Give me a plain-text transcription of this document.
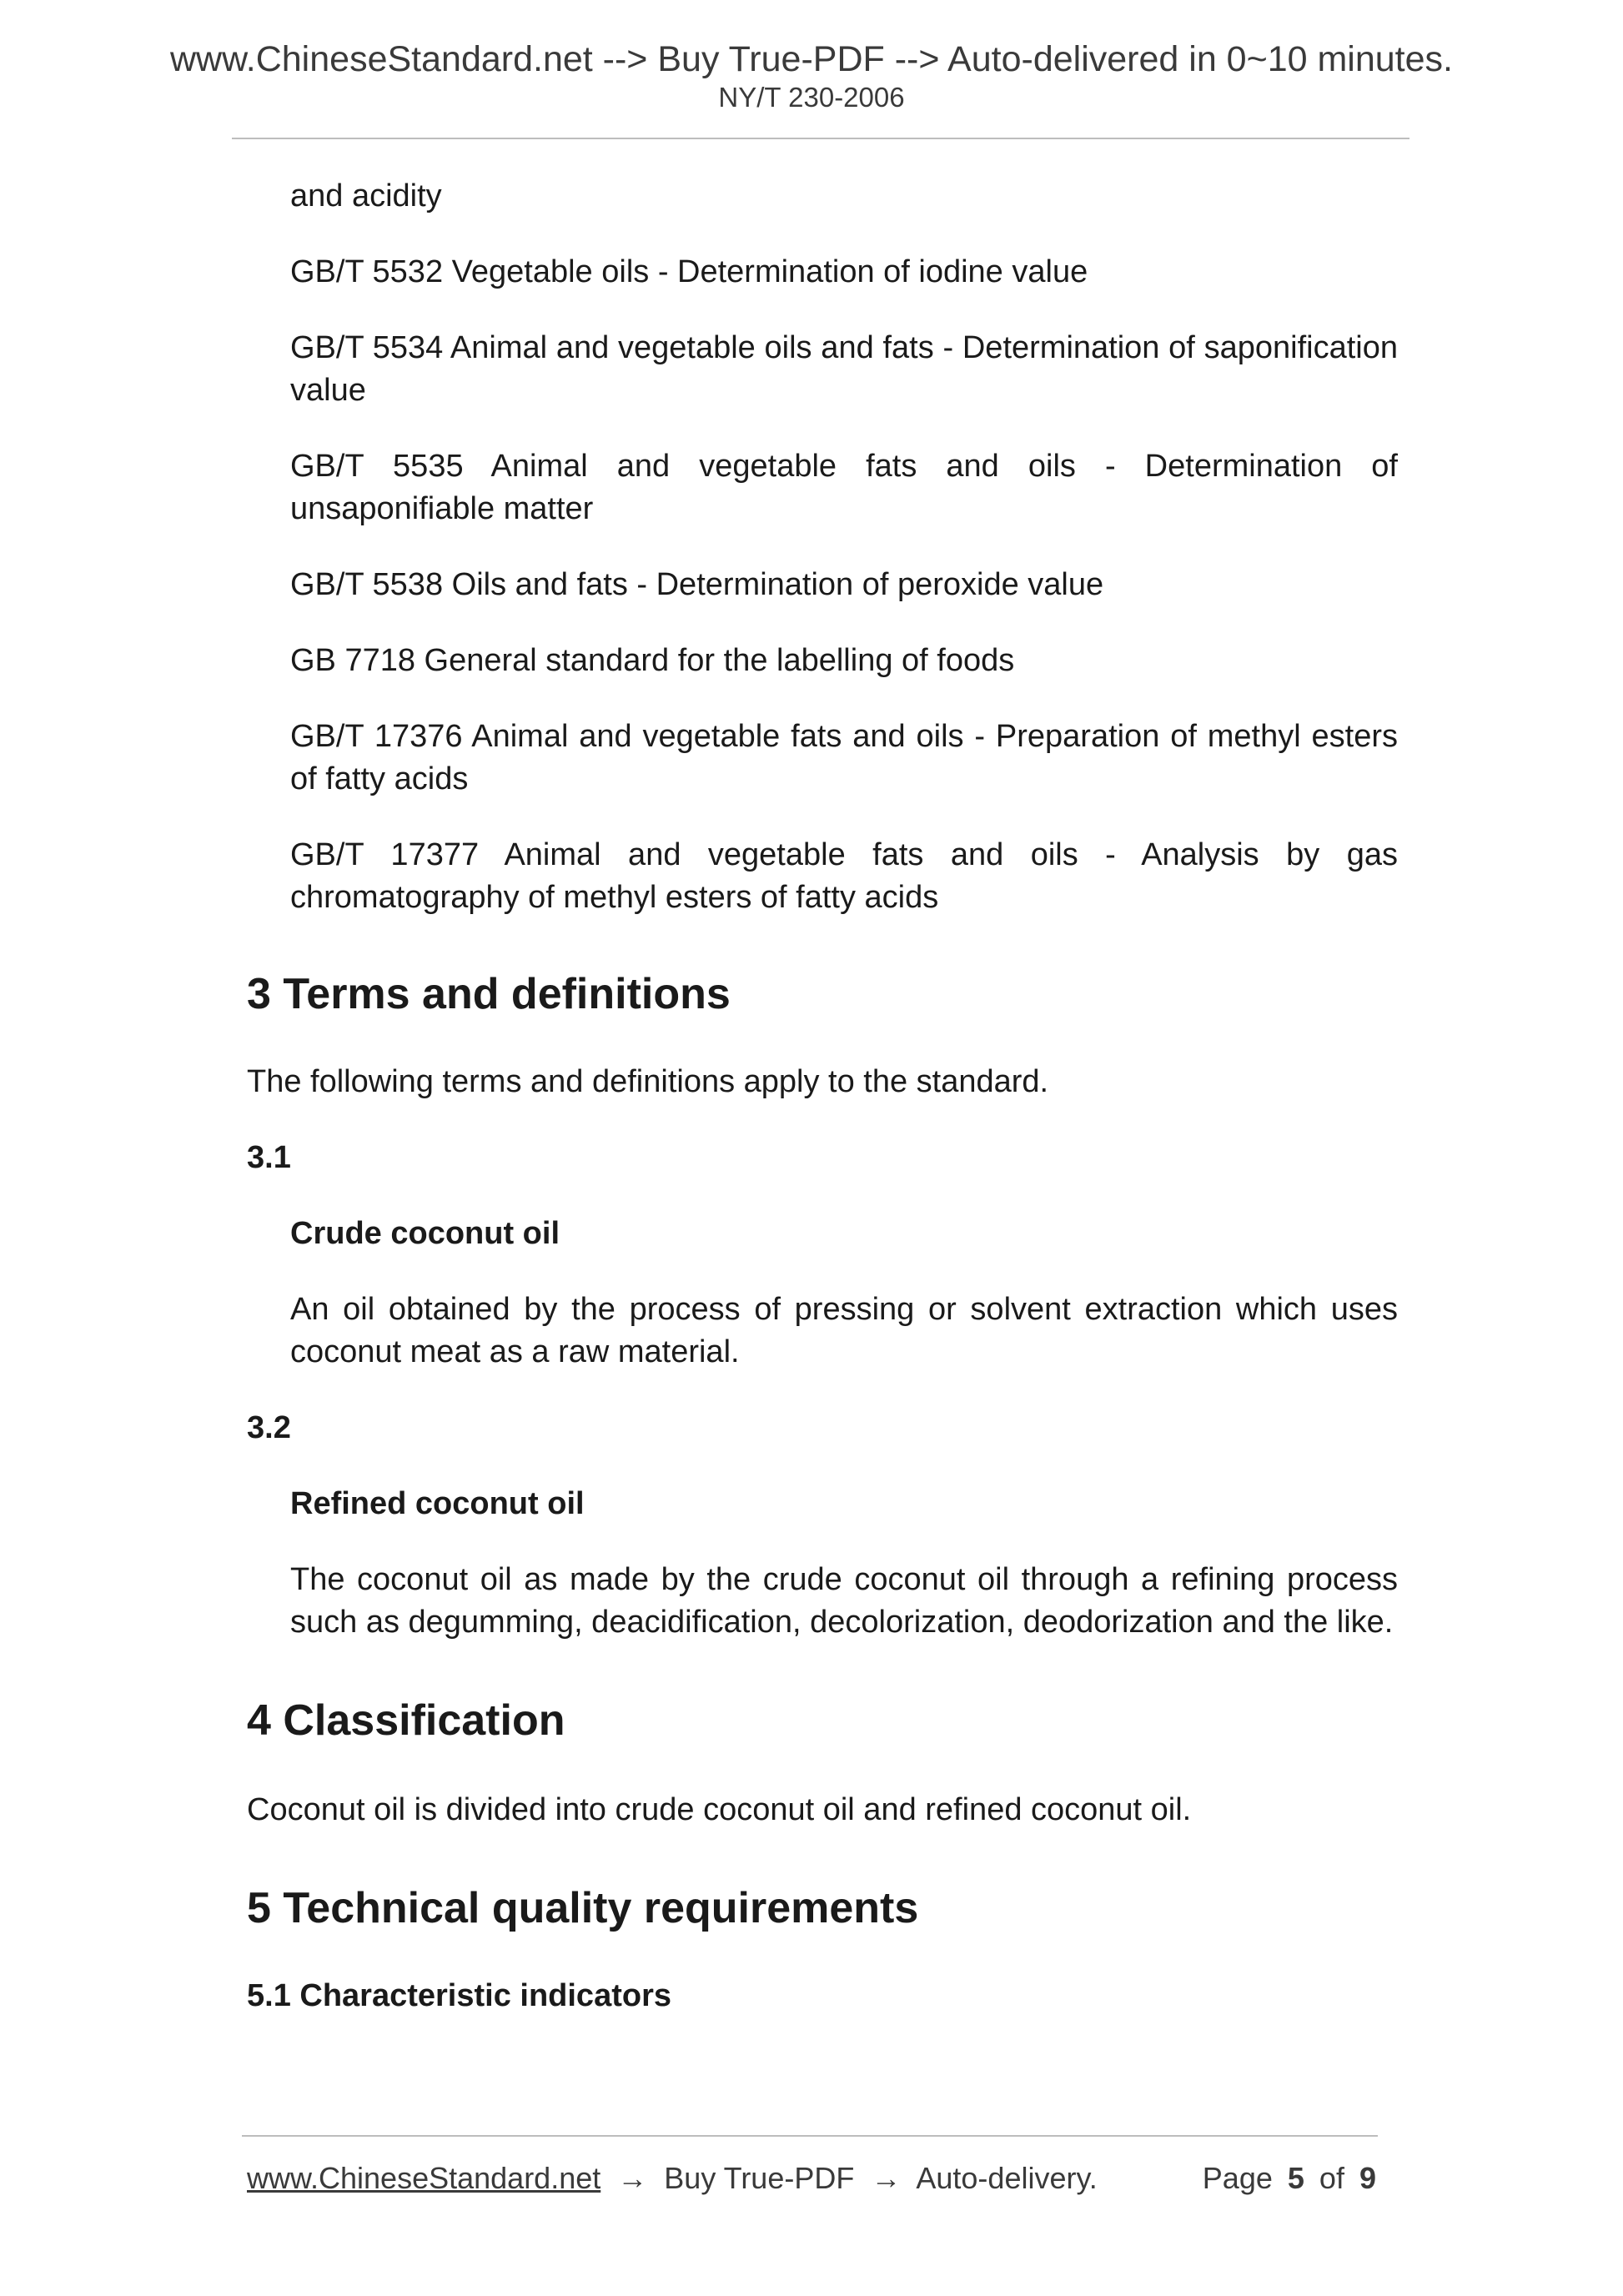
www.ChineseStandard.net --> Buy True-PDF --> Auto-delivered in 0~10 minutes.
NY/T 230-2006

and acidity

GB/T 5532 Vegetable oils - Determination of iodine value

GB/T 5534 Animal and vegetable oils and fats - Determination of saponification value

GB/T 5535 Animal and vegetable fats and oils - Determination of unsaponifiable matter

GB/T 5538 Oils and fats - Determination of peroxide value

GB 7718 General standard for the labelling of foods

GB/T 17376 Animal and vegetable fats and oils - Preparation of methyl esters of fatty acids

GB/T 17377 Animal and vegetable fats and oils - Analysis by gas chromatography of methyl esters of fatty acids

3 Terms and definitions

The following terms and definitions apply to the standard.

3.1

Crude coconut oil

An oil obtained by the process of pressing or solvent extraction which uses coconut meat as a raw material.

3.2

Refined coconut oil

The coconut oil as made by the crude coconut oil through a refining process such as degumming, deacidification, decolorization, deodorization and the like.

4 Classification

Coconut oil is divided into crude coconut oil and refined coconut oil.

5 Technical quality requirements

5.1 Characteristic indicators

www.ChineseStandard.net → Buy True-PDF → Auto-delivery.	Page 5 of 9
